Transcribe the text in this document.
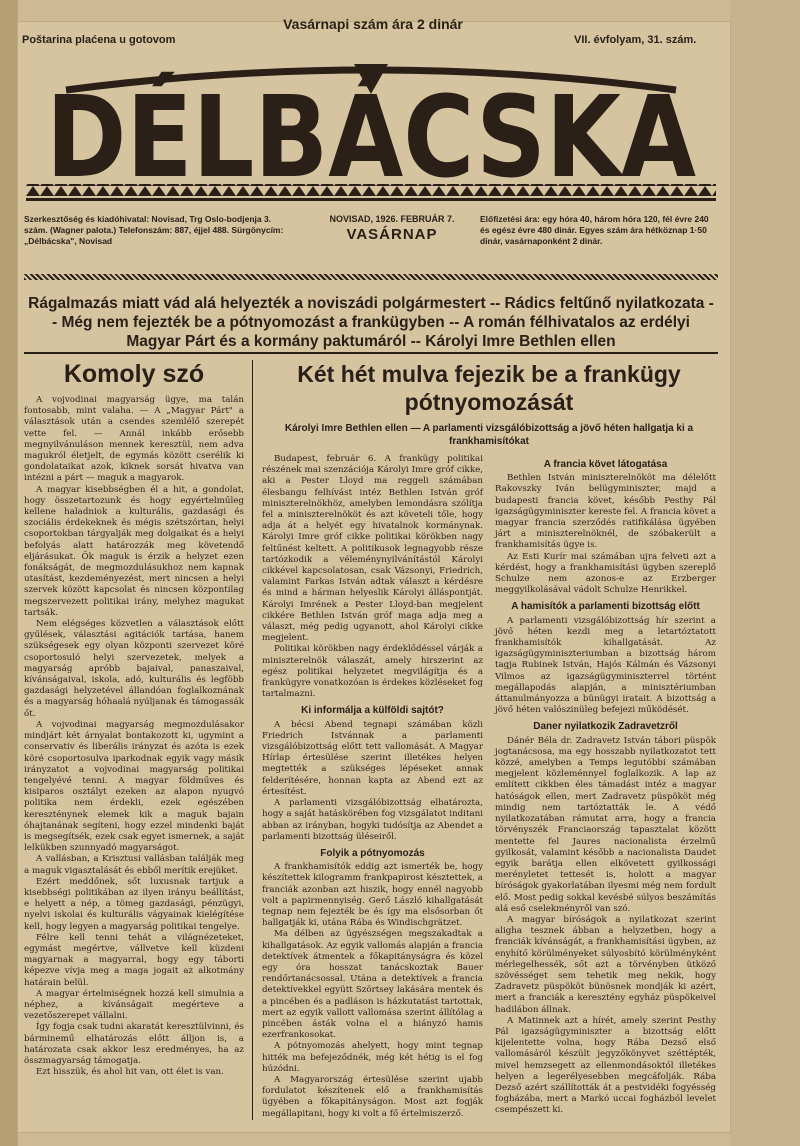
Vasárnapi szám ára 2 dinár
Poštarina plaćena u gotovom	VII. évfolyam, 31. szám.
DÉLBÁCSKA
Szerkesztőség és kiadóhivatal: Novisad, Trg Oslo-bodjenja 3. szám. (Wagner palota.) Telefonszám: 887, éjjel 488. Sürgönycím: „Délbácska", Novisad
NOVISAD, 1926. FEBRUÁR 7.
VASÁRNAP
Előfizetési ára: egy hóra 40, három hóra 120, fél évre 240 és egész évre 480 dinár. Egyes szám ára hétköznap 1·50 dinár, vasárnaponként 2 dinár.
Rágalmazás miatt vád alá helyezték a noviszádi polgármestert -- Rádics feltűnő nyilatkozata -- Még nem fejezték be a pótnyomozást a frankügyben -- A román félhivatalos az erdélyi Magyar Párt és a kormány paktumáról -- Károlyi Imre Bethlen ellen
Komoly szó

A vojvodinai magyarság ügye, ma talán fontosabb, mint valaha. — A „Magyar Párt" a választások után a csendes szemlélő szerepét vette fel. — Annál inkább erősebb megnyilvánuláson mennek keresztül, nem adva magukról életjelt, de egymás között cserélik ki gondolataikat azok, kiknek sorsát hivatva van intézni a párt — maguk a magyarok.

A magyar kisebbségben él a hit, a gondolat, hogy összetartozunk és hogy egyértelműleg kellene haladniok a kulturális, gazdasági és szociális érdekeknek és mégis szétszórtan, helyi csoportokban tárgyalják meg dolgaikat és a helyi befolyás alatt határozzák meg követendő eljárásukat. Ők maguk is érzik a helyzet ezen fonákságát, de megmozdulásukhoz nem kapnak utasítást, kezdeményezést, mert nincsen a helyi szervek között kapcsolat és nincsen központilag megszervezett politikai irány, melyhez magukat tartsák.

Nem elégséges közvetlen a választások előtt gyűlések, választási agitációk tartása, hanem szükségesek egy olyan központi szervezet köré csoportosuló helyi szervezetek, melyek a magyarság apróbb bajaival, panaszaival, kívánságaival, iskola, adó, kulturális és legföbb gazdasági helyzetével állandóan foglalkoznának és a magyarság hóhaalá nyúljanak és támogassák őt.

A vojvodinai magyarság megmozdulásakor mindjárt két árnyalat bontakozott ki, ugymint a conservativ és liberális irányzat és azóta is ezek köré csoportosulva iparkodnak egyik vagy másik irányzatot a vojvodinai magyarság politikai tengelyévé tenni. A magyar földműves és kisiparos osztályt ezeken az alapon nyugvó politika nem érdekli, ezek egészében kereszténynek elemek kik a maguk bajain óhajtanának segíteni, hogy ezzel mindenki baját is megsegítsék, ezek csak egyet ismernek, a saját lelkükben szunnyadó magyarságot.

A vallásban, a Krisztusi vallásban találják meg a maguk vigasztalását és ebből merítik erejüket.

Ezért meddőnek, sőt luxusnak tartjuk a kisebbségi politikában az ilyen irányu beállítást, e helyett a nép, a tömeg gazdasági, pénzügyi, nyelvi iskolai és kulturális vágyainak kielégítése kell, hogy legyen a magyarság politikai tengelye.

Félre kell tenni tehát a világnézeteket, egymást megértve, vállvetve kell küzdeni magyarnak a magyarral, hogy egy táborti képezve vívja meg a maga jogait az alkotmány határain belül.

A magyar értelmiségnek hozzá kell simulnia a néphez, a kívánságait megérteve a vezetőszerepet vállalni.

Így fogja csak tudni akaratát keresztülvinni, és bárminemű elhatározás előtt álljon is, a határozata csak akkor lesz eredményes, ha az összmagyarság támogatja.

Ezt hisszük, és ahol hit van, ott élet is van.

Két hét mulva fejezik be a frankügy pótnyomozását
Károlyi Imre Bethlen ellen — A parlamenti vizsgálóbizottság a jövő héten hallgatja ki a frankhamisítókat

Budapest, február 6. A frankügy politikai részének mai szenzációja Károlyi Imre gróf cikke, aki a Pester Lloyd ma reggeli számában élesbangu felhívást intéz Bethlen István gróf miniszterelnökhöz, amelyben lemondásra szólítja fel a miniszterelnököt és azt követeli tőle, hogy adja át a helyét egy hivatalnok kormánynak. Károlyi Imre gróf cikke politikai körökben nagy feltűnést keltett. A politikusok legnagyobb része tartózkodik a véleménynyilvánítástól Károlyi cikkével kapcsolatosan, csak Vázsonyi, Friedrich, valamint Farkas István adtak választ a kérdésre és mind a hárman helyeslik Károlyi álláspontját. Károlyi Imrének a Pester Lloyd-ban megjelent cikkére Bethlen István gróf maga adja meg a választ, még pedig ugyanott, ahol Károlyi cikke megjelent.

Politikai körökben nagy érdeklődéssel várják a miniszterelnök válaszát, amely hirszerint az egész politikai helyzetet megvilágítja és a frankügyre vonatkozóan is érdekes közléseket fog tartalmazni.

Ki informálja a külföldi sajtót?

A bécsi Abend tegnapi számában közli Friedrich Istvánnak a parlamenti vizsgálóbizottság előtt tett vallomását. A Magyar Hírlap értesülése szerint illetékes helyen megtették a szükséges lépéseket annak felderítésére, honnan kapta az Abend ezt az értesítést.

A parlamenti vizsgálóbizottság elhatározta, hogy a saját hatáskörében fog vizsgálatot inditani abban az irányban, hogyki tudósítja az Abendet a parlamenti bizottság üléseiről.

Folyik a pótnyomozás

A frankhamisítók eddig azt ismerték be, hogy készítettek kilogramm frankpapirost késztettek, a franciák azonban azt hiszik, hogy ennél nagyobb volt a papirmennyiség. Gerő László kihallgatását tegnap nem fejezték be és így ma elsősorban őt hallgatják ki, utána Rába és Windischgrätzet.

Ma délben az ügyészségen megszakadtak a kihallgatások. Az egyik vallomás alapján a francia detektívek átmentek a főkapitányságra és közel egy óra hosszat tanácskoztak Bauer rendőrtanácsossal. Utána a detektívek a francia detektívekkel együtt Szörtsey lakására mentek és a pincében és a padláson is házkutatást tartottak, mert az egyik vallott vallomása szerint állítólag a pincében ásták volna el a hiányzó hamis ezerfrankosokat.

A pótnyomozás ahelyett, hogy mint tegnap hitték ma befejeződnék, még két hétig is el fog húzódni.

A Magyarország értesülése szerint ujabb fordulatot készítenek elő a frankhamisítás ügyében a főkapitányságon. Most azt fogják megállapitani, hogy ki volt a fő értelmiszerző.

A francia követ látogatása

Bethlen István miniszterelnököt ma délelőtt Rakovszky Iván belügyminiszter, majd a budapesti francia követ, később Pesthy Pál igazságügyminiszter kereste fel. A francia követ a magyar francia szerződés ratifikálása ügyében járt a miniszterelnöknél, de szóbakerült a frankhamisítás ügye is.

Az Esti Kurír mai számában ujra felveti azt a kérdést, hogy a frankhamisítási ügyben szereplő Schulze nem azonos-e az Erzberger meggyilkolásával vádolt Schulze Henrikkel.

A hamisítók a parlamenti bizottság előtt

A parlamenti vizsgálóbizottság hír szerint a jövő héten kezdi meg a letartóztatott frankhamisítók kihallgatását. Az igazságügyminiszteriumban a bizottság három tagja Rubinek István, Hajós Kálmán és Vázsonyi Vilmos az igazságügyminiszterrel történt megállapodás alapján, a minisztériumban áttanulmányozza a bünügyi iratait. A bizottság a jövő héten valószinüleg befejezi működését.

Daner nyilatkozik Zadravetzről

Dánér Béla dr. Zadravetz István tábori püspök jogtanácsosa, ma egy hosszabb nyilatkozatot tett közzé, amelyben a Temps legutóbbi számában megjelent közleménnyel foglalkozik. A lap az említett cikkben éles támadást intéz a magyar hatóságok ellen, mert Zadravetz püspököt még mindig nem tartóztatták le. A védő nyilatkozatában rámutat arra, hogy a francia törvényszék Franciaország tapasztalat között mentette fel Jaures nacionalista érzelmű gyilkosát, valamint később a nacionalista Daudet egyik barátja ellen elkövetett gyilkossági merényletet tettesét is, holott a magyar bíróságok gyakorlatában ilyesmi még nem fordult elő. Most pedig sokkal kevésbé súlyos beszámítás alá eső cselekményről van szó.

A magyar bíróságok a nyilatkozat szerint aligha tesznek ábban a helyzetben, hogy a franciák kívánságát, a frankhamisítási ügyben, az enyhítő körülményeket súlyosbító körülményként mérlegelhessék, sőt azt a törvényben ütköző szövésséget sem tehetik meg nekik, hogy Zadravetz püspököt bünösnek mondják ki azért, mert a franciák a keresztény egyház püspökeivel hadilábon állnak.

A Matinnek azt a hírét, amely szerint Pesthy Pál igazságügyminiszter a bizottság előtt kijelentette volna, hogy Rába Dezső első vallomásáról készült jegyzőkönyvet széttépték, mivel hemzsegett az ellenmondásoktól illetékes helyen a legerélyesebben megcáfolják. Rába Dezső azért szállították át a pestvidéki fogyésség fogházába, mert a Markó uccai fogházból levelet csempészett ki.
